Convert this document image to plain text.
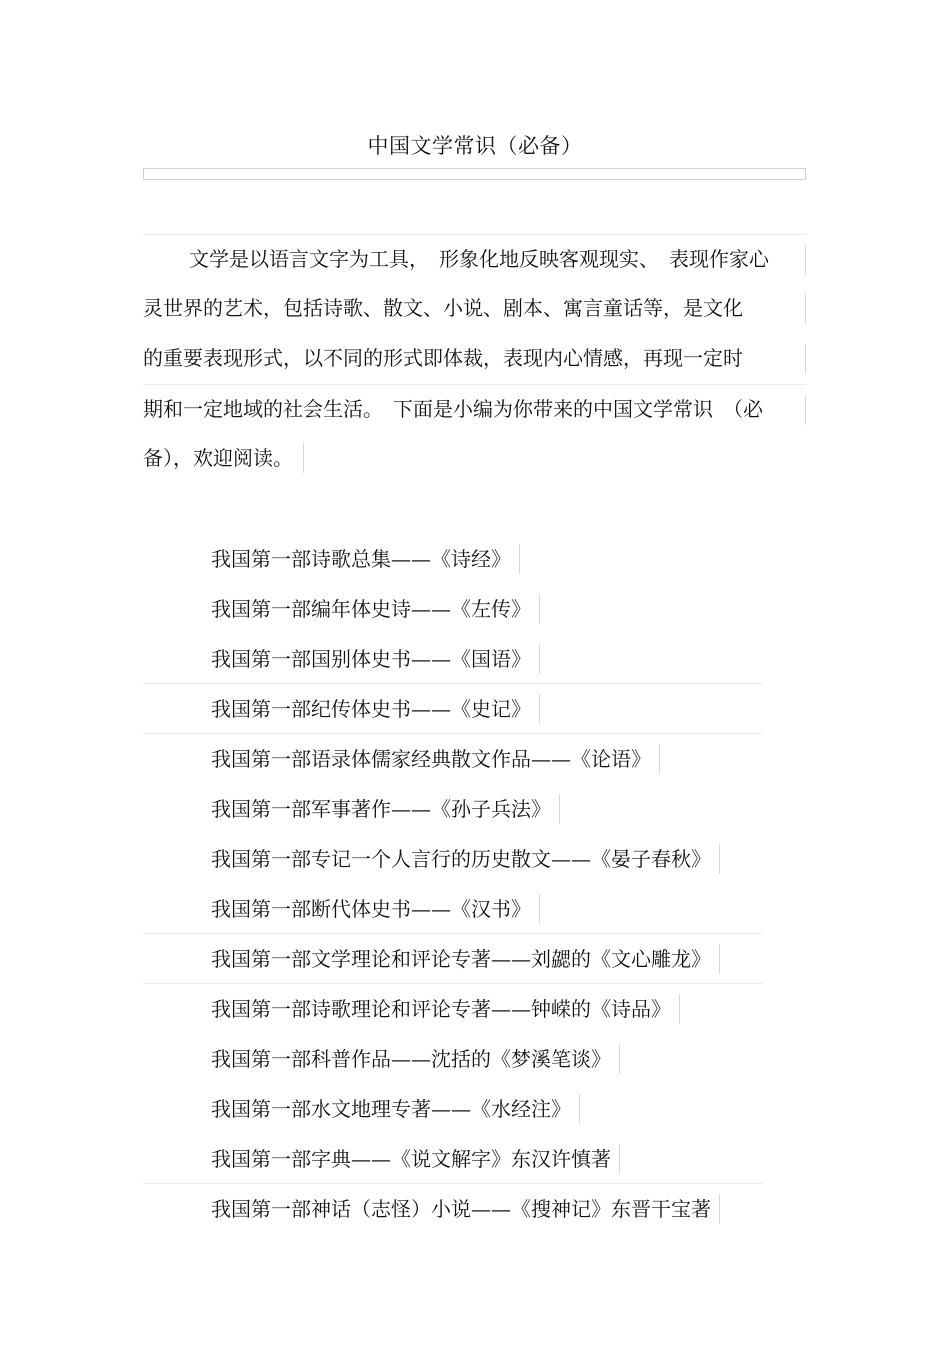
中国文学常识（必备）
文学是以语言文字为工具，　形象化地反映客观现实、　表现作家心
灵世界的艺术，包括诗歌、散文、小说、剧本、寓言童话等，是文化
的重要表现形式，以不同的形式即体裁，表现内心情感，再现一定时
期和一定地域的社会生活。　下面是小编为你带来的中国文学常识　（必
备），欢迎阅读。
我国第一部诗歌总集——《诗经》
我国第一部编年体史诗——《左传》
我国第一部国别体史书——《国语》
我国第一部纪传体史书——《史记》
我国第一部语录体儒家经典散文作品——《论语》
我国第一部军事著作——《孙子兵法》
我国第一部专记一个人言行的历史散文——《晏子春秋》
我国第一部断代体史书——《汉书》
我国第一部文学理论和评论专著——刘勰的《文心雕龙》
我国第一部诗歌理论和评论专著——钟嵘的《诗品》
我国第一部科普作品——沈括的《梦溪笔谈》
我国第一部水文地理专著——《水经注》
我国第一部字典——《说文解字》东汉许慎著
我国第一部神话（志怪）小说——《搜神记》东晋干宝著
